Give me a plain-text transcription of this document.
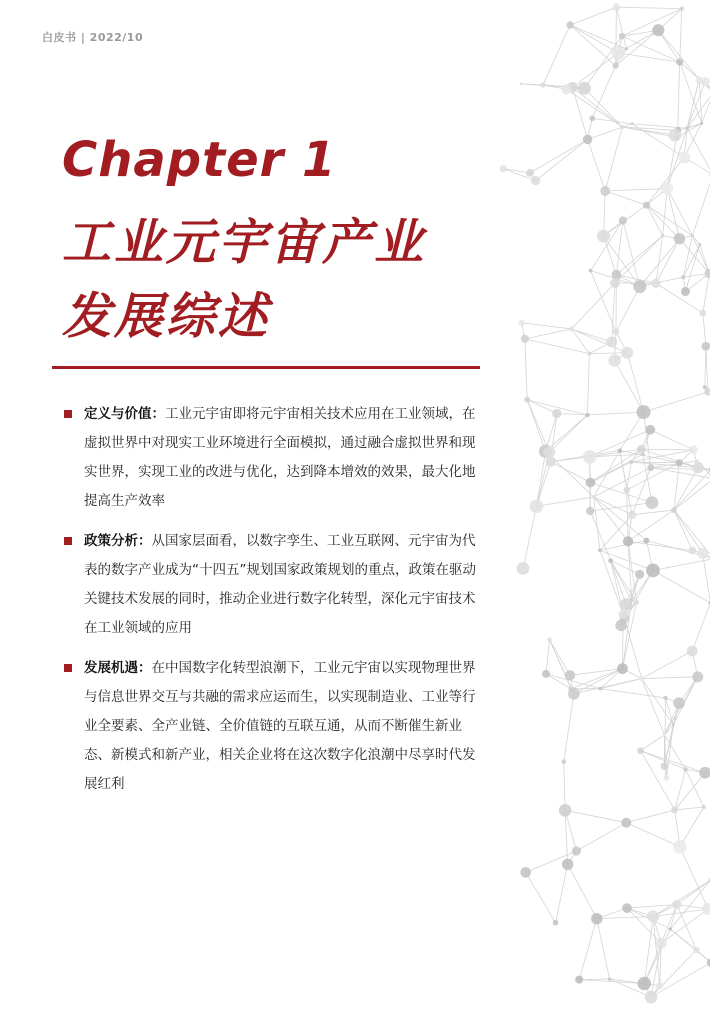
白皮书 | 2022/10
Chapter 1
工业元宇宙产业
发展综述
定义与价值：工业元宇宙即将元宇宙相关技术应用在工业领域，在虚拟世界中对现实工业环境进行全面模拟，通过融合虚拟世界和现实世界，实现工业的改进与优化，达到降本增效的效果，最大化地提高生产效率
政策分析：从国家层面看，以数字孪生、工业互联网、元宇宙为代表的数字产业成为“十四五”规划国家政策规划的重点，政策在驱动关键技术发展的同时，推动企业进行数字化转型，深化元宇宙技术在工业领域的应用
发展机遇：在中国数字化转型浪潮下，工业元宇宙以实现物理世界与信息世界交互与共融的需求应运而生，以实现制造业、工业等行业全要素、全产业链、全价值链的互联互通，从而不断催生新业态、新模式和新产业，相关企业将在这次数字化浪潮中尽享时代发展红利
